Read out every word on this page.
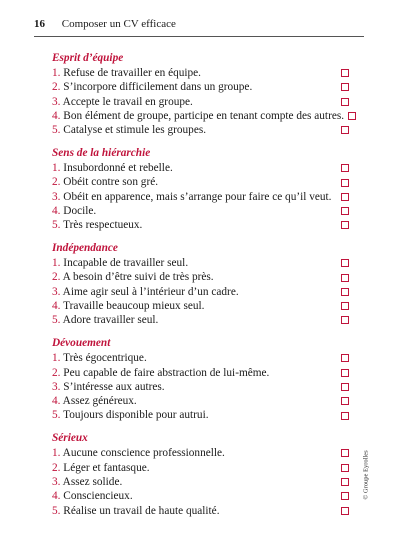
16 Composer un CV efficace
Esprit d’équipe
1. Refuse de travailler en équipe.
2. S’incorpore difficilement dans un groupe.
3. Accepte le travail en groupe.
4. Bon élément de groupe, participe en tenant compte des autres.
5. Catalyse et stimule les groupes.
Sens de la hiérarchie
1. Insubordonné et rebelle.
2. Obéit contre son gré.
3. Obéit en apparence, mais s’arrange pour faire ce qu’il veut.
4. Docile.
5. Très respectueux.
Indépendance
1. Incapable de travailler seul.
2. A besoin d’être suivi de très près.
3. Aime agir seul à l’intérieur d’un cadre.
4. Travaille beaucoup mieux seul.
5. Adore travailler seul.
Dévouement
1. Très égocentrique.
2. Peu capable de faire abstraction de lui-même.
3. S’intéresse aux autres.
4. Assez généreux.
5. Toujours disponible pour autrui.
Sérieux
1. Aucune conscience professionnelle.
2. Léger et fantasque.
3. Assez solide.
4. Consciencieux.
5. Réalise un travail de haute qualité.
© Groupe Eyrolles
